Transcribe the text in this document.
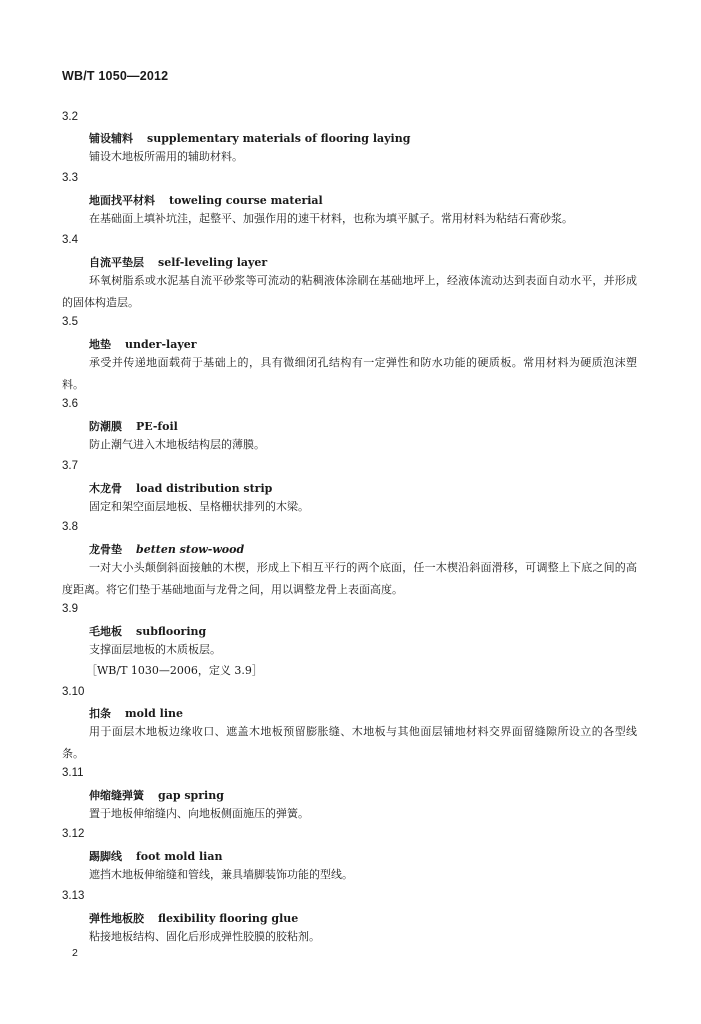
WB/T 1050—2012
3.2
铺设辅料 supplementary materials of flooring laying
铺设木地板所需用的辅助材料。
3.3
地面找平材料 toweling course material
在基础面上填补坑洼，起整平、加强作用的速干材料，也称为填平腻子。常用材料为粘结石膏砂浆。
3.4
自流平垫层 self-leveling layer
环氧树脂系或水泥基自流平砂浆等可流动的粘稠液体涂刷在基础地坪上，经液体流动达到表面自动水平，并形成的固体构造层。
3.5
地垫 under-layer
承受并传递地面载荷于基础上的，具有微细闭孔结构有一定弹性和防水功能的硬质板。常用材料为硬质泡沫塑料。
3.6
防潮膜 PE-foil
防止潮气进入木地板结构层的薄膜。
3.7
木龙骨 load distribution strip
固定和架空面层地板、呈格栅状排列的木梁。
3.8
龙骨垫 betten stow-wood
一对大小头颠倒斜面接触的木楔，形成上下相互平行的两个底面，任一木楔沿斜面滑移，可调整上下底之间的高度距离。将它们垫于基础地面与龙骨之间，用以调整龙骨上表面高度。
3.9
毛地板 subflooring
支撑面层地板的木质板层。
［WB/T 1030—2006，定义 3.9］
3.10
扣条 mold line
用于面层木地板边缘收口、遮盖木地板预留膨胀缝、木地板与其他面层铺地材料交界面留缝隙所设立的各型线条。
3.11
伸缩缝弹簧 gap spring
置于地板伸缩缝内、向地板侧面施压的弹簧。
3.12
踢脚线 foot mold lian
遮挡木地板伸缩缝和管线，兼具墙脚装饰功能的型线。
3.13
弹性地板胶 flexibility flooring glue
粘接地板结构、固化后形成弹性胶膜的胶粘剂。
2
